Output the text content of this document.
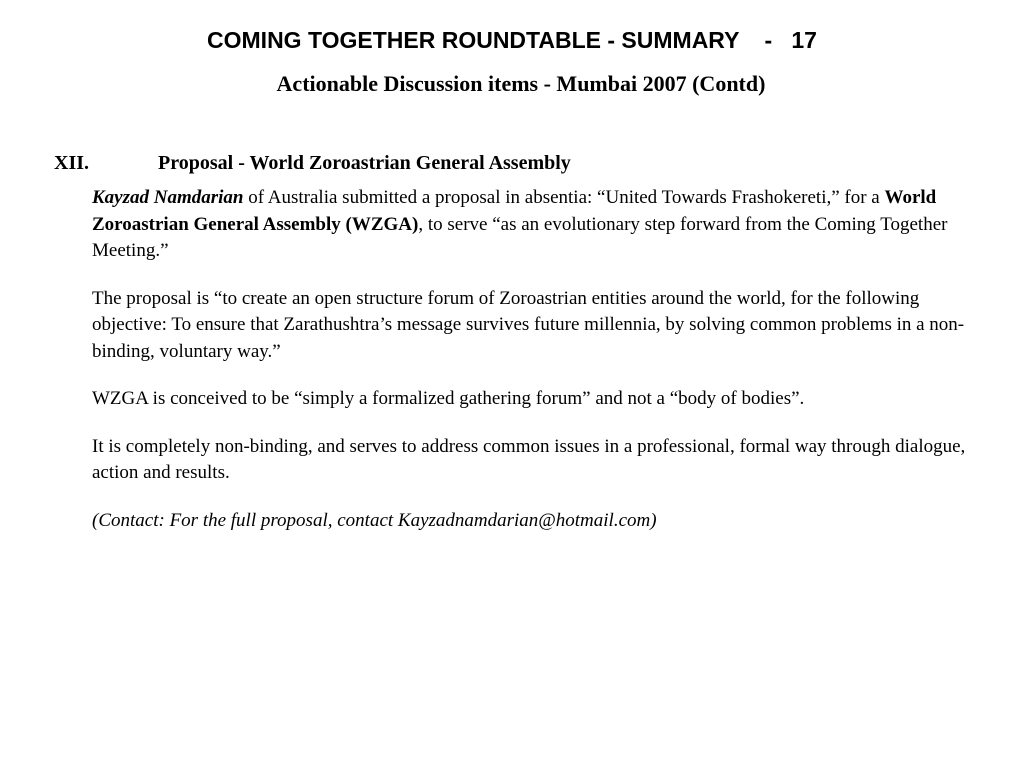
COMING TOGETHER ROUNDTABLE - SUMMARY    -   17
Actionable Discussion items - Mumbai 2007 (Contd)
XII.	Proposal - World Zoroastrian General Assembly

Kayzad Namdarian of Australia submitted a proposal in absentia: “United Towards Frashokereti,” for a World Zoroastrian General Assembly (WZGA), to serve “as an evolutionary step forward from the Coming Together Meeting.”

The proposal is “to create an open structure forum of Zoroastrian entities around the world, for the following objective: To ensure that Zarathushtra’s message survives future millennia, by solving common problems in a non-binding, voluntary way.”

WZGA is conceived to be “simply a formalized gathering forum” and not a “body of bodies”.

It is completely non-binding, and serves to address common issues in a professional, formal way through dialogue, action and results.

(Contact: For the full proposal, contact Kayzadnamdarian@hotmail.com)
